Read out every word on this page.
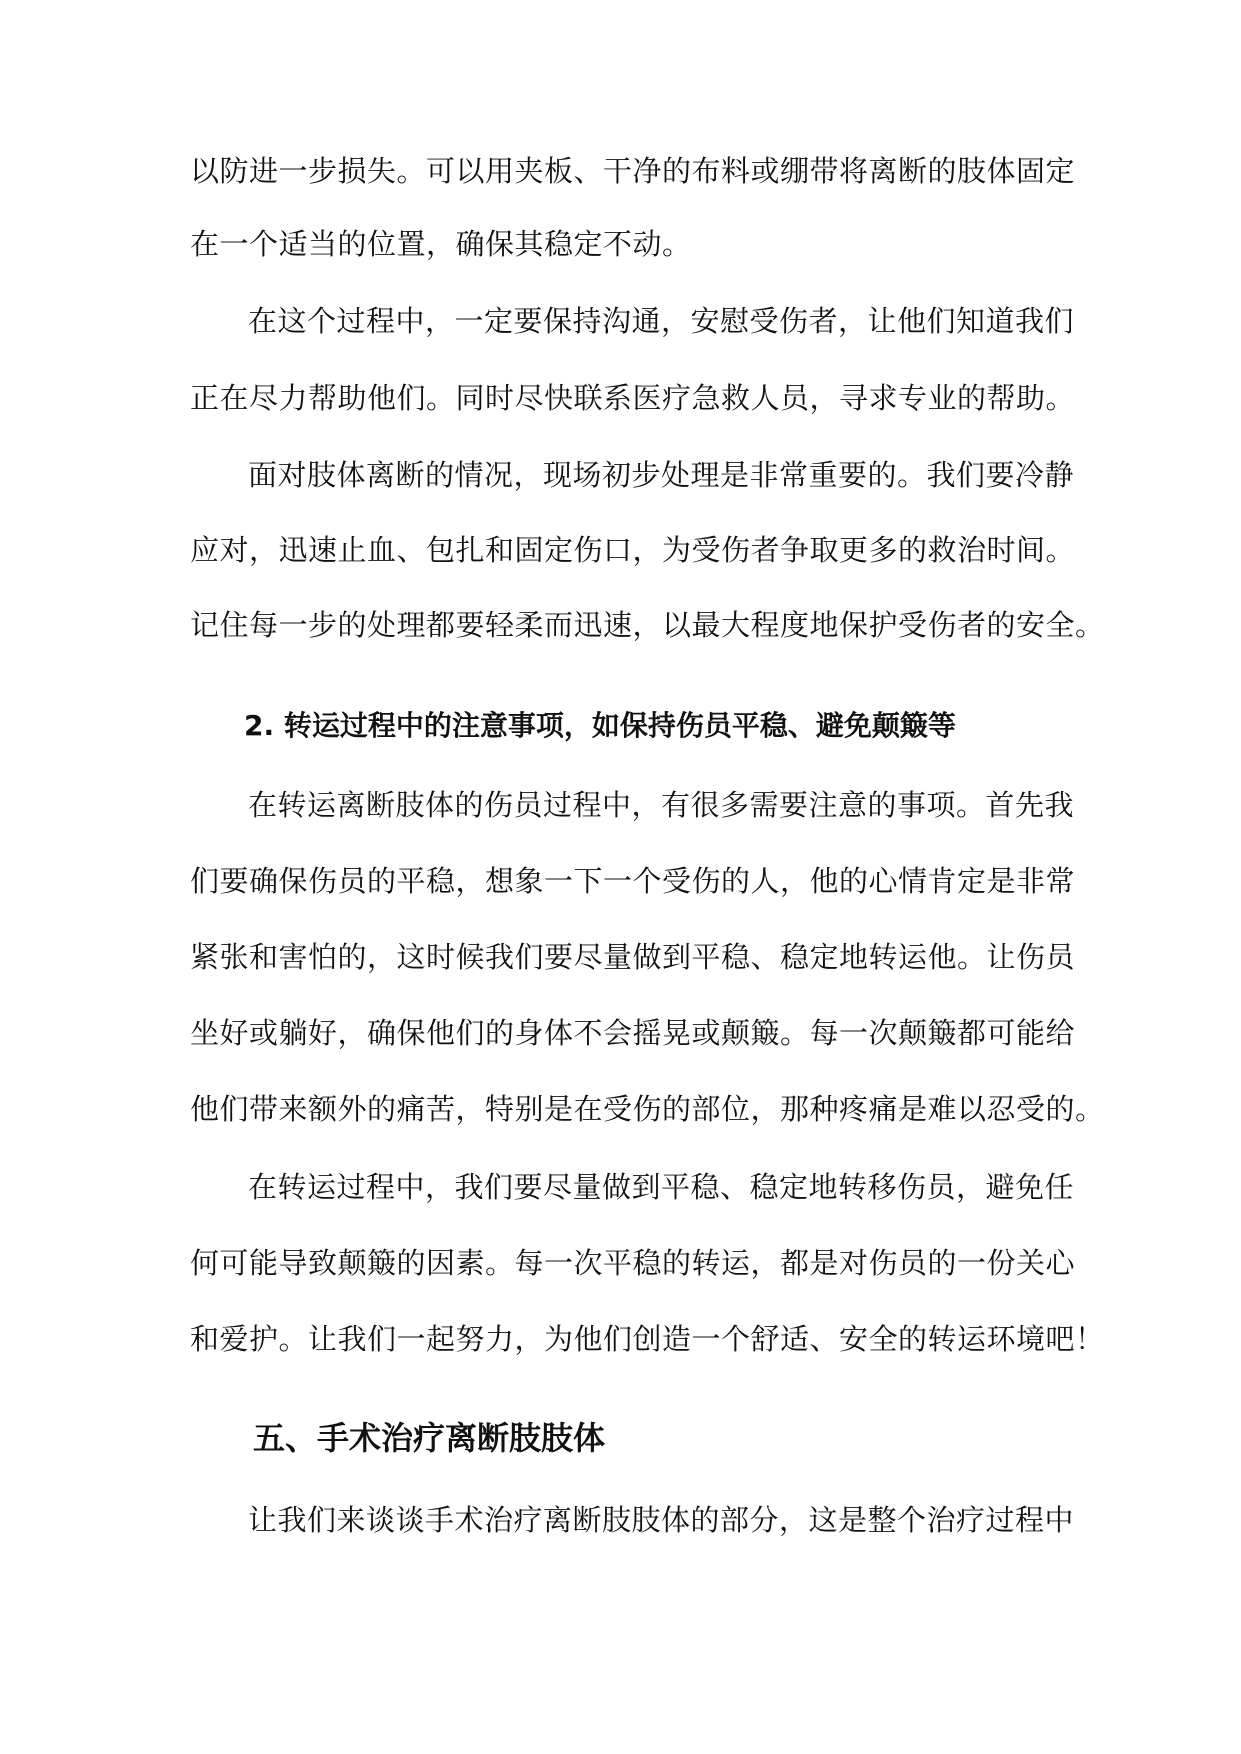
以防进一步损失。可以用夹板、干净的布料或绷带将离断的肢体固定
在一个适当的位置，确保其稳定不动。
在这个过程中，一定要保持沟通，安慰受伤者，让他们知道我们
正在尽力帮助他们。同时尽快联系医疗急救人员，寻求专业的帮助。
面对肢体离断的情况，现场初步处理是非常重要的。我们要冷静
应对，迅速止血、包扎和固定伤口，为受伤者争取更多的救治时间。
记住每一步的处理都要轻柔而迅速，以最大程度地保护受伤者的安全。
2. 转运过程中的注意事项，如保持伤员平稳、避免颠簸等
在转运离断肢体的伤员过程中，有很多需要注意的事项。首先我
们要确保伤员的平稳，想象一下一个受伤的人，他的心情肯定是非常
紧张和害怕的，这时候我们要尽量做到平稳、稳定地转运他。让伤员
坐好或躺好，确保他们的身体不会摇晃或颠簸。每一次颠簸都可能给
他们带来额外的痛苦，特别是在受伤的部位，那种疼痛是难以忍受的。
在转运过程中，我们要尽量做到平稳、稳定地转移伤员，避免任
何可能导致颠簸的因素。每一次平稳的转运，都是对伤员的一份关心
和爱护。让我们一起努力，为他们创造一个舒适、安全的转运环境吧！
五、手术治疗离断肢肢体
让我们来谈谈手术治疗离断肢肢体的部分，这是整个治疗过程中
